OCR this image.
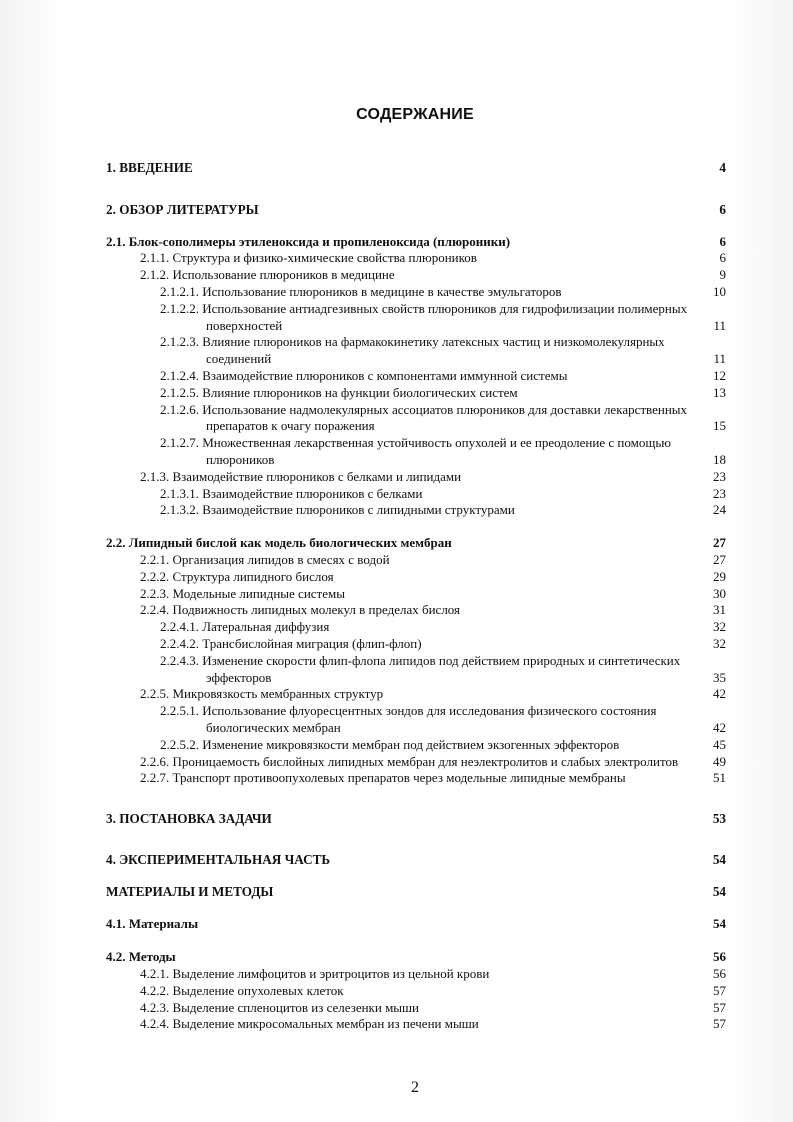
СОДЕРЖАНИЕ
1. ВВЕДЕНИЕ	4
2. ОБЗОР ЛИТЕРАТУРЫ	6
2.1. Блок-сополимеры этиленоксида и пропиленоксида (плюроники)	6
2.1.1. Структура и физико-химические свойства плюроников	6
2.1.2. Использование плюроников в медицине	9
2.1.2.1. Использование плюроников в медицине в качестве эмульгаторов	10
2.1.2.2. Использование антиадгезивных свойств плюроников для гидрофилизации полимерных поверхностей	11
2.1.2.3. Влияние плюроников на фармакокинетику латексных частиц и низкомолекулярных соединений	11
2.1.2.4. Взаимодействие плюроников с компонентами иммунной системы	12
2.1.2.5. Влияние плюроников на функции биологических систем	13
2.1.2.6. Использование надмолекулярных ассоциатов плюроников для доставки лекарственных препаратов к очагу поражения	15
2.1.2.7. Множественная лекарственная устойчивость опухолей и ее преодоление с помощью плюроников	18
2.1.3. Взаимодействие плюроников с белками и липидами	23
2.1.3.1. Взаимодействие плюроников с белками	23
2.1.3.2. Взаимодействие плюроников с липидными структурами	24
2.2. Липидный бислой как модель биологических мембран	27
2.2.1. Организация липидов в смесях с водой	27
2.2.2. Структура липидного бислоя	29
2.2.3. Модельные липидные системы	30
2.2.4. Подвижность липидных молекул в пределах бислоя	31
2.2.4.1. Латеральная диффузия	32
2.2.4.2. Трансбислойная миграция (флип-флоп)	32
2.2.4.3. Изменение скорости флип-флопа липидов под действием природных и синтетических эффекторов	35
2.2.5. Микровязкость мембранных структур	42
2.2.5.1. Использование флуоресцентных зондов для исследования физического состояния биологических мембран	42
2.2.5.2. Изменение микровязкости мембран под действием экзогенных эффекторов	45
2.2.6. Проницаемость бислойных липидных мембран для неэлектролитов и слабых электролитов	49
2.2.7. Транспорт противоопухолевых препаратов через модельные липидные мембраны	51
3. ПОСТАНОВКА ЗАДАЧИ	53
4. ЭКСПЕРИМЕНТАЛЬНАЯ ЧАСТЬ	54
МАТЕРИАЛЫ И МЕТОДЫ	54
4.1. Материалы	54
4.2. Методы	56
4.2.1. Выделение лимфоцитов и эритроцитов из цельной крови	56
4.2.2. Выделение опухолевых клеток	57
4.2.3. Выделение спленоцитов из селезенки мыши	57
4.2.4. Выделение микросомальных мембран из печени мыши	57
2
